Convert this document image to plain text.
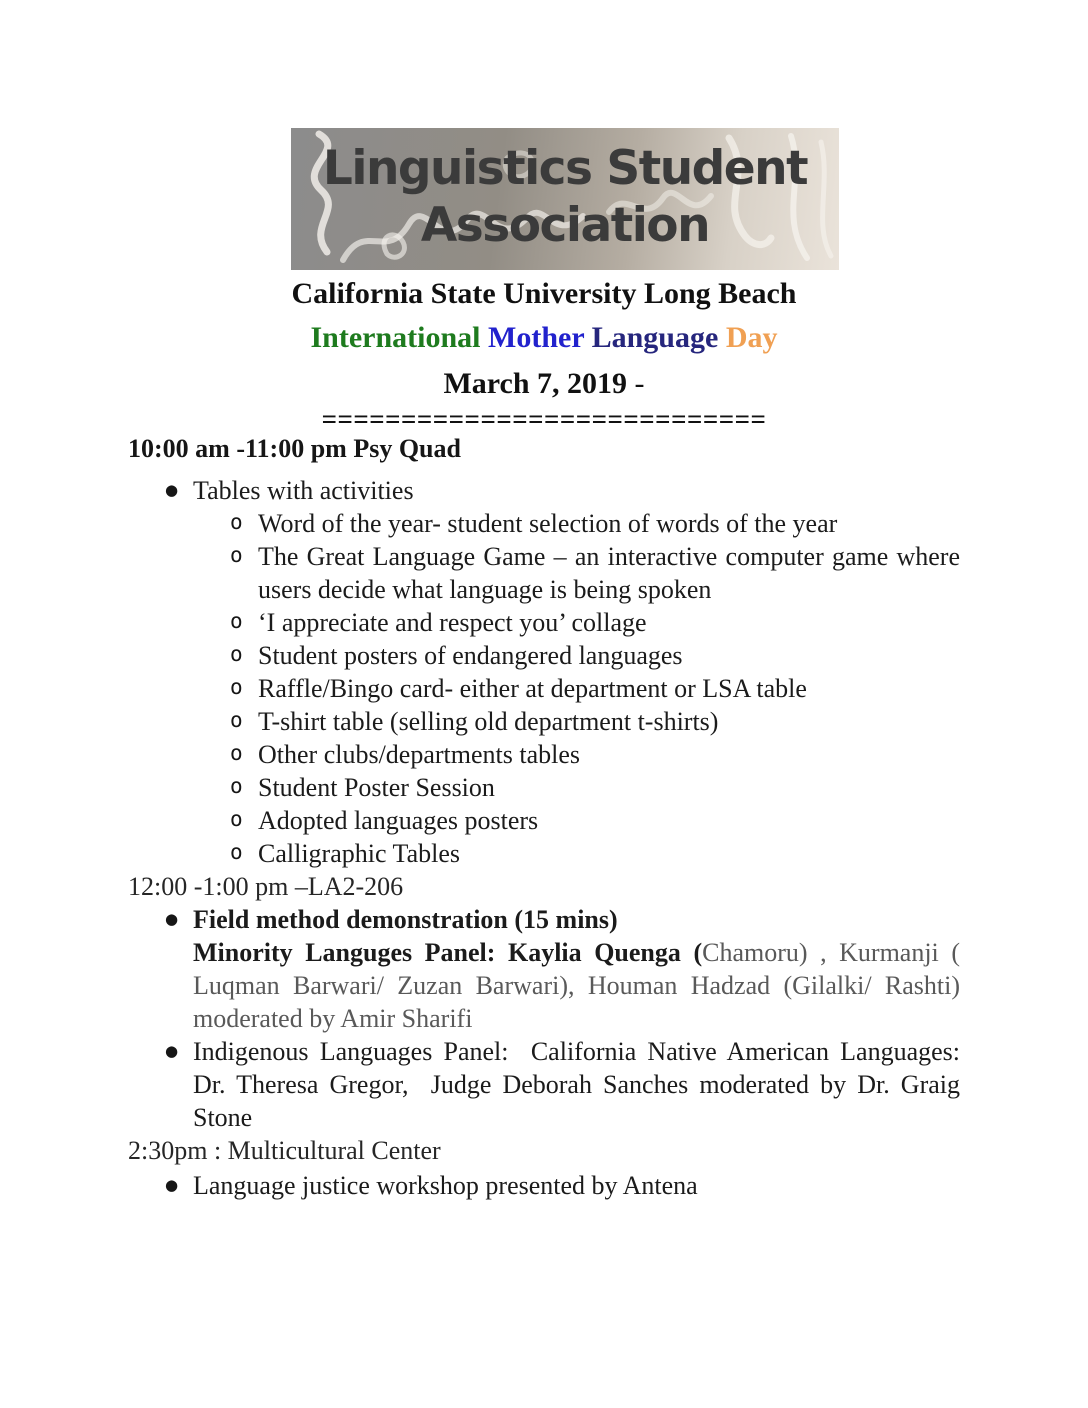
Linguistics Student
Association
California State University Long Beach
International Mother Language Day
March 7, 2019 -
============================
10:00 am -11:00 pm Psy Quad
● Tables with activities
o Word of the year- student selection of words of the year
o The Great Language Game – an interactive computer game where users decide what language is being spoken
o ‘I appreciate and respect you’ collage
o Student posters of endangered languages
o Raffle/Bingo card- either at department or LSA table
o T-shirt table (selling old department t-shirts)
o Other clubs/departments tables
o Student Poster Session
o Adopted languages posters
o Calligraphic Tables
12:00 -1:00 pm –LA2-206
● Field method demonstration (15 mins)
Minority Languges Panel: Kaylia Quenga (Chamoru) , Kurmanji ( Luqman Barwari/ Zuzan Barwari), Houman Hadzad (Gilalki/ Rashti) moderated by Amir Sharifi
● Indigenous Languages Panel:  California Native American Languages: Dr. Theresa Gregor,  Judge Deborah Sanches moderated by Dr. Graig Stone
2:30pm : Multicultural Center
● Language justice workshop presented by Antena
